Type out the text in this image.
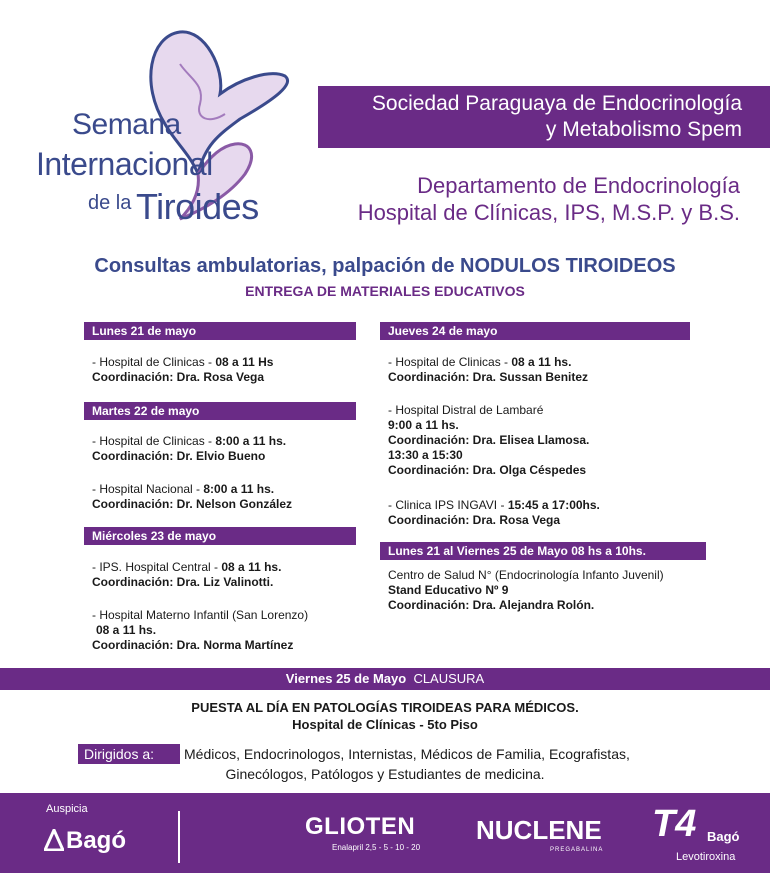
Semana
Internacional
de la Tiroides
Sociedad Paraguaya de Endocrinología
y Metabolismo Spem
Departamento de Endocrinología
Hospital de Clínicas, IPS, M.S.P. y B.S.
Consultas ambulatorias, palpación de NODULOS TIROIDEOS
ENTREGA DE MATERIALES EDUCATIVOS
Lunes 21 de mayo
- Hospital de Clinicas - 08 a 11 Hs
Coordinación: Dra. Rosa Vega
Martes 22 de mayo
- Hospital de Clinicas - 8:00 a 11 hs.
Coordinación: Dr. Elvio Bueno
- Hospital Nacional - 8:00 a 11 hs.
Coordinación: Dr. Nelson González
Miércoles 23 de mayo
- IPS. Hospital Central - 08 a 11 hs.
Coordinación: Dra. Liz Valinotti.
- Hospital Materno Infantil (San Lorenzo)
08 a 11 hs.
Coordinación: Dra. Norma Martínez
Jueves 24 de mayo
- Hospital de Clinicas - 08 a 11 hs.
Coordinación: Dra. Sussan Benitez
- Hospital Distral de Lambaré
9:00 a 11 hs.
Coordinación: Dra. Elisea Llamosa.
13:30 a 15:30
Coordinación: Dra. Olga Céspedes
- Clinica IPS INGAVI - 15:45 a 17:00hs.
Coordinación: Dra. Rosa Vega
Lunes 21 al Viernes 25 de Mayo 08 hs a 10hs.
Centro de Salud N° (Endocrinología Infanto Juvenil)
Stand Educativo Nº 9
Coordinación: Dra. Alejandra Rolón.
Viernes 25 de Mayo CLAUSURA
PUESTA AL DÍA EN PATOLOGÍAS TIROIDEAS PARA MÉDICOS.
Hospital de Clínicas - 5to Piso
Dirigidos a:	Médicos, Endocrinologos, Internistas, Médicos de Familia, Ecografistas,
Ginecólogos, Patólogos y Estudiantes de medicina.
Auspicia
Bagó
GLIOTEN
Enalapril 2,5 - 5 - 10 - 20
NUCLENE
PREGABALINA
T4 Bagó
Levotiroxina
